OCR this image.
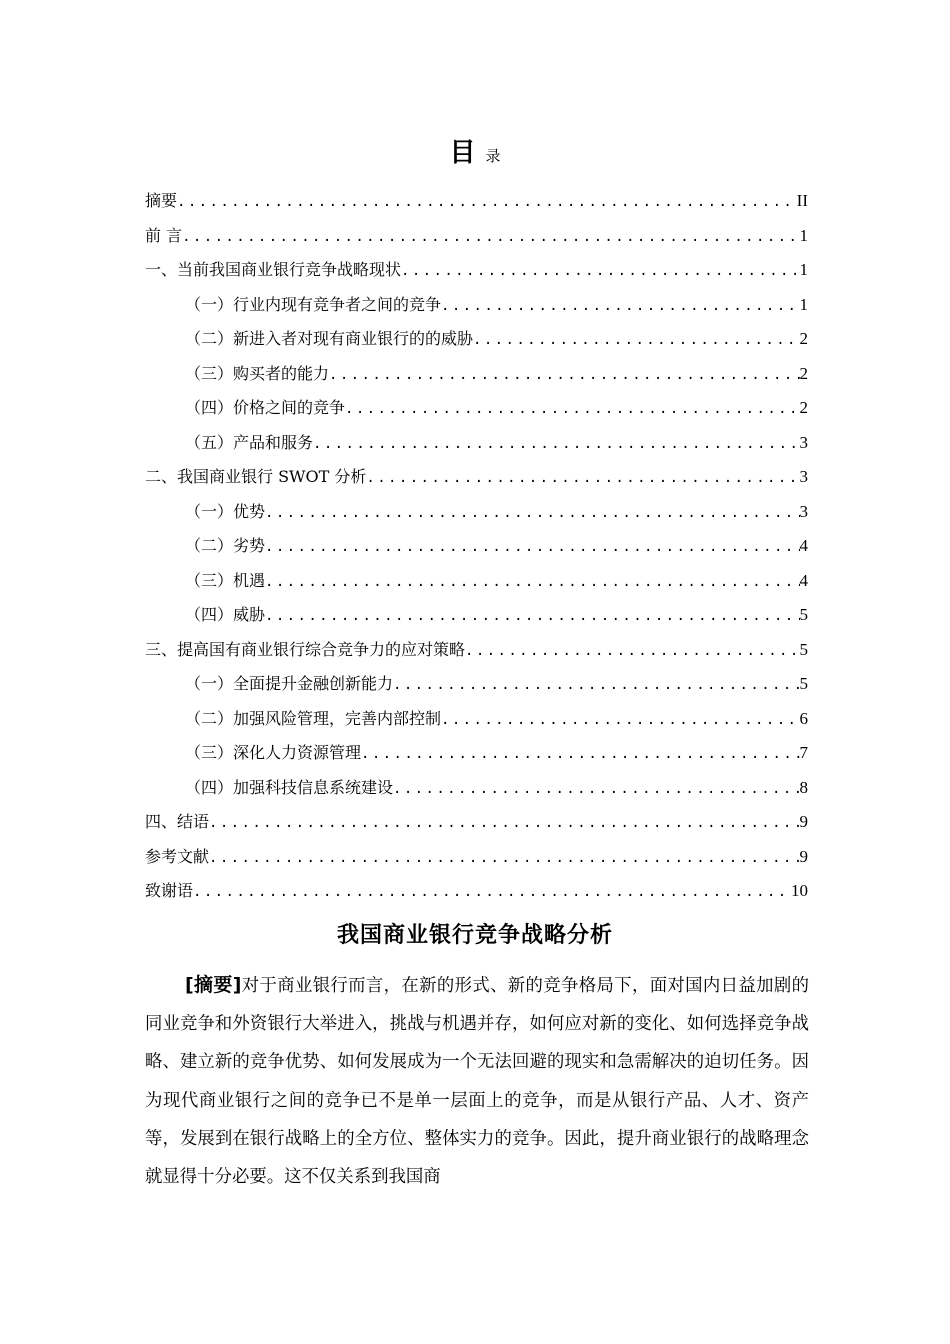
目录
摘要 .....	II
前 言 .....	1
一、当前我国商业银行竞争战略现状 .....	1
（一）行业内现有竞争者之间的竞争 .....	1
（二）新进入者对现有商业银行的的威胁 .....	2
（三）购买者的能力 .....	2
（四）价格之间的竞争 .....	2
（五）产品和服务 .....	3
二、我国商业银行 SWOT 分析 .....	3
（一）优势 .....	3
（二）劣势 .....	4
（三）机遇 .....	4
（四）威胁 .....	5
三、提高国有商业银行综合竞争力的应对策略 .....	5
（一）全面提升金融创新能力 .....	5
（二）加强风险管理，完善内部控制 .....	6
（三）深化人力资源管理 .....	7
（四）加强科技信息系统建设 .....	8
四、结语 .....	9
参考文献 .....	9
致谢语 .....	10
我国商业银行竞争战略分析

[摘要]对于商业银行而言，在新的形式、新的竞争格局下，面对国内日益加剧的同业竞争和外资银行大举进入，挑战与机遇并存，如何应对新的变化、如何选择竞争战略、建立新的竞争优势、如何发展成为一个无法回避的现实和急需解决的迫切任务。因为现代商业银行之间的竞争已不是单一层面上的竞争，而是从银行产品、人才、资产等，发展到在银行战略上的全方位、整体实力的竞争。因此，提升商业银行的战略理念就显得十分必要。这不仅关系到我国商
